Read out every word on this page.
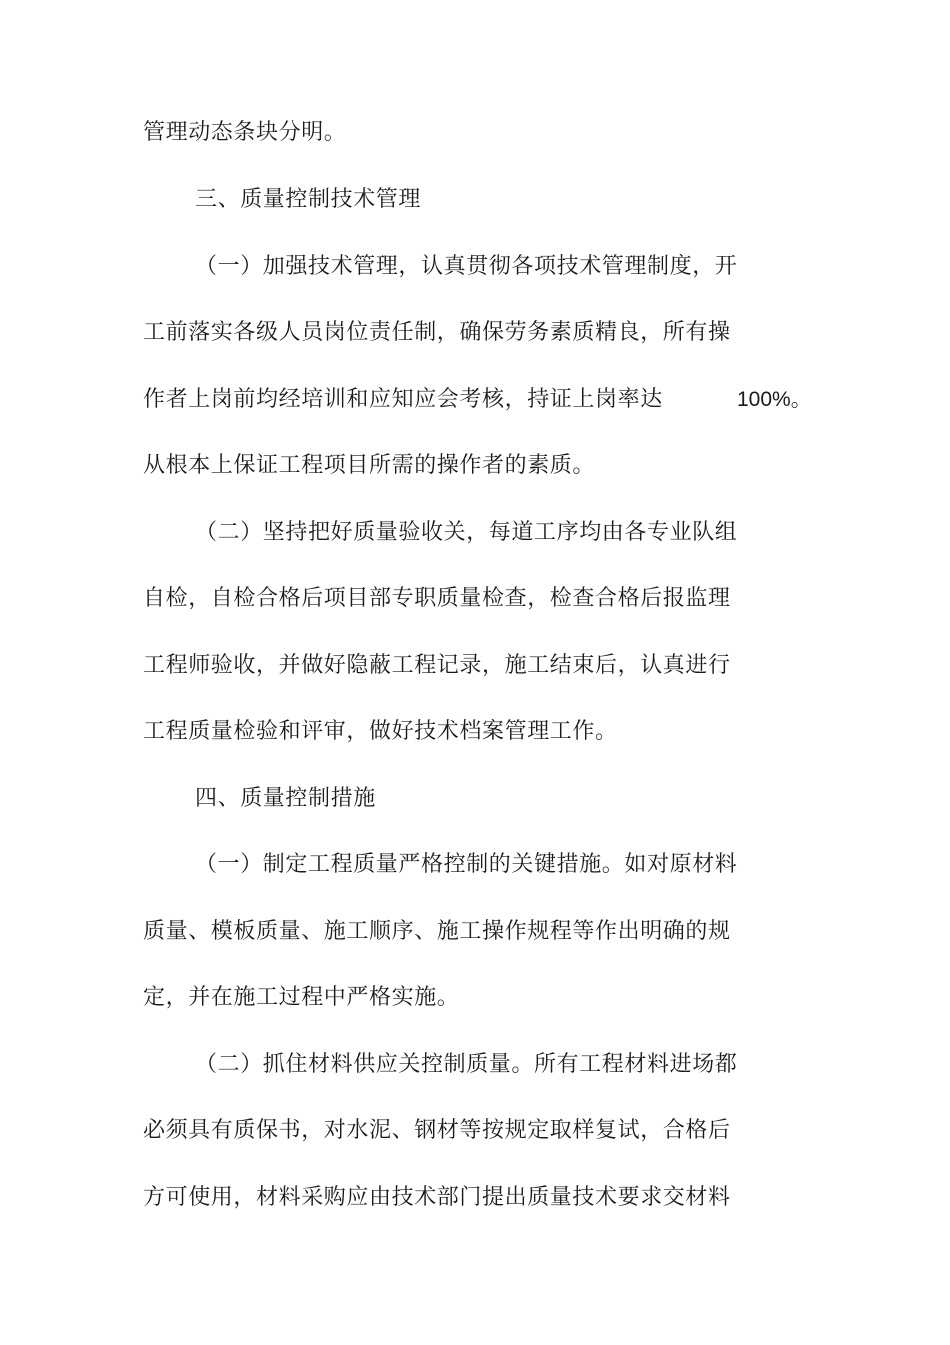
管理动态条块分明。
三、质量控制技术管理
（一）加强技术管理，认真贯彻各项技术管理制度，开
工前落实各级人员岗位责任制，确保劳务素质精良，所有操
作者上岗前均经培训和应知应会考核，持证上岗率达	100%。
从根本上保证工程项目所需的操作者的素质。
（二）坚持把好质量验收关，每道工序均由各专业队组
自检，自检合格后项目部专职质量检查，检查合格后报监理
工程师验收，并做好隐蔽工程记录，施工结束后，认真进行
工程质量检验和评审，做好技术档案管理工作。
四、质量控制措施
（一）制定工程质量严格控制的关键措施。如对原材料
质量、模板质量、施工顺序、施工操作规程等作出明确的规
定，并在施工过程中严格实施。
（二）抓住材料供应关控制质量。所有工程材料进场都
必须具有质保书，对水泥、钢材等按规定取样复试，合格后
方可使用，材料采购应由技术部门提出质量技术要求交材料
